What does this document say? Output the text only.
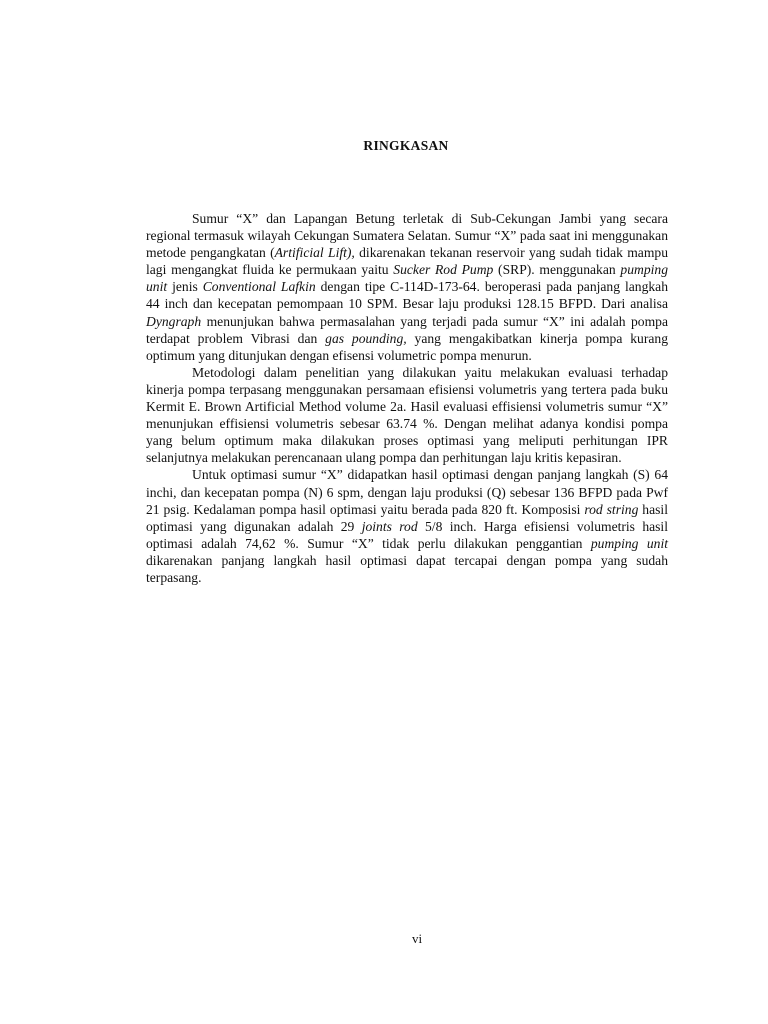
RINGKASAN

Sumur “X” dan Lapangan Betung terletak di Sub-Cekungan Jambi yang secara regional termasuk wilayah Cekungan Sumatera Selatan. Sumur “X” pada saat ini menggunakan metode pengangkatan (Artificial Lift), dikarenakan tekanan reservoir yang sudah tidak mampu lagi mengangkat fluida ke permukaan yaitu Sucker Rod Pump (SRP). menggunakan pumping unit jenis Conventional Lafkin dengan tipe C-114D-173-64. beroperasi pada panjang langkah 44 inch dan kecepatan pemompaan 10 SPM. Besar laju produksi 128.15 BFPD. Dari analisa Dyngraph menunjukan bahwa permasalahan yang terjadi pada sumur “X” ini adalah pompa terdapat problem Vibrasi dan gas pounding, yang mengakibatkan kinerja pompa kurang optimum yang ditunjukan dengan efisensi volumetric pompa menurun.

Metodologi dalam penelitian yang dilakukan yaitu melakukan evaluasi terhadap kinerja pompa terpasang menggunakan persamaan efisiensi volumetris yang tertera pada buku Kermit E. Brown Artificial Method volume 2a. Hasil evaluasi effisiensi volumetris sumur “X” menunjukan effisiensi volumetris sebesar 63.74 %. Dengan melihat adanya kondisi pompa yang belum optimum maka dilakukan proses optimasi yang meliputi perhitungan IPR selanjutnya melakukan perencanaan ulang pompa dan perhitungan laju kritis kepasiran.

Untuk optimasi sumur “X” didapatkan hasil optimasi dengan panjang langkah (S) 64 inchi, dan kecepatan pompa (N) 6 spm, dengan laju produksi (Q) sebesar 136 BFPD pada Pwf 21 psig. Kedalaman pompa hasil optimasi yaitu berada pada 820 ft. Komposisi rod string hasil optimasi yang digunakan adalah 29 joints rod 5/8 inch. Harga efisiensi volumetris hasil optimasi adalah 74,62 %. Sumur “X” tidak perlu dilakukan penggantian pumping unit dikarenakan panjang langkah hasil optimasi dapat tercapai dengan pompa yang sudah terpasang.

vi
